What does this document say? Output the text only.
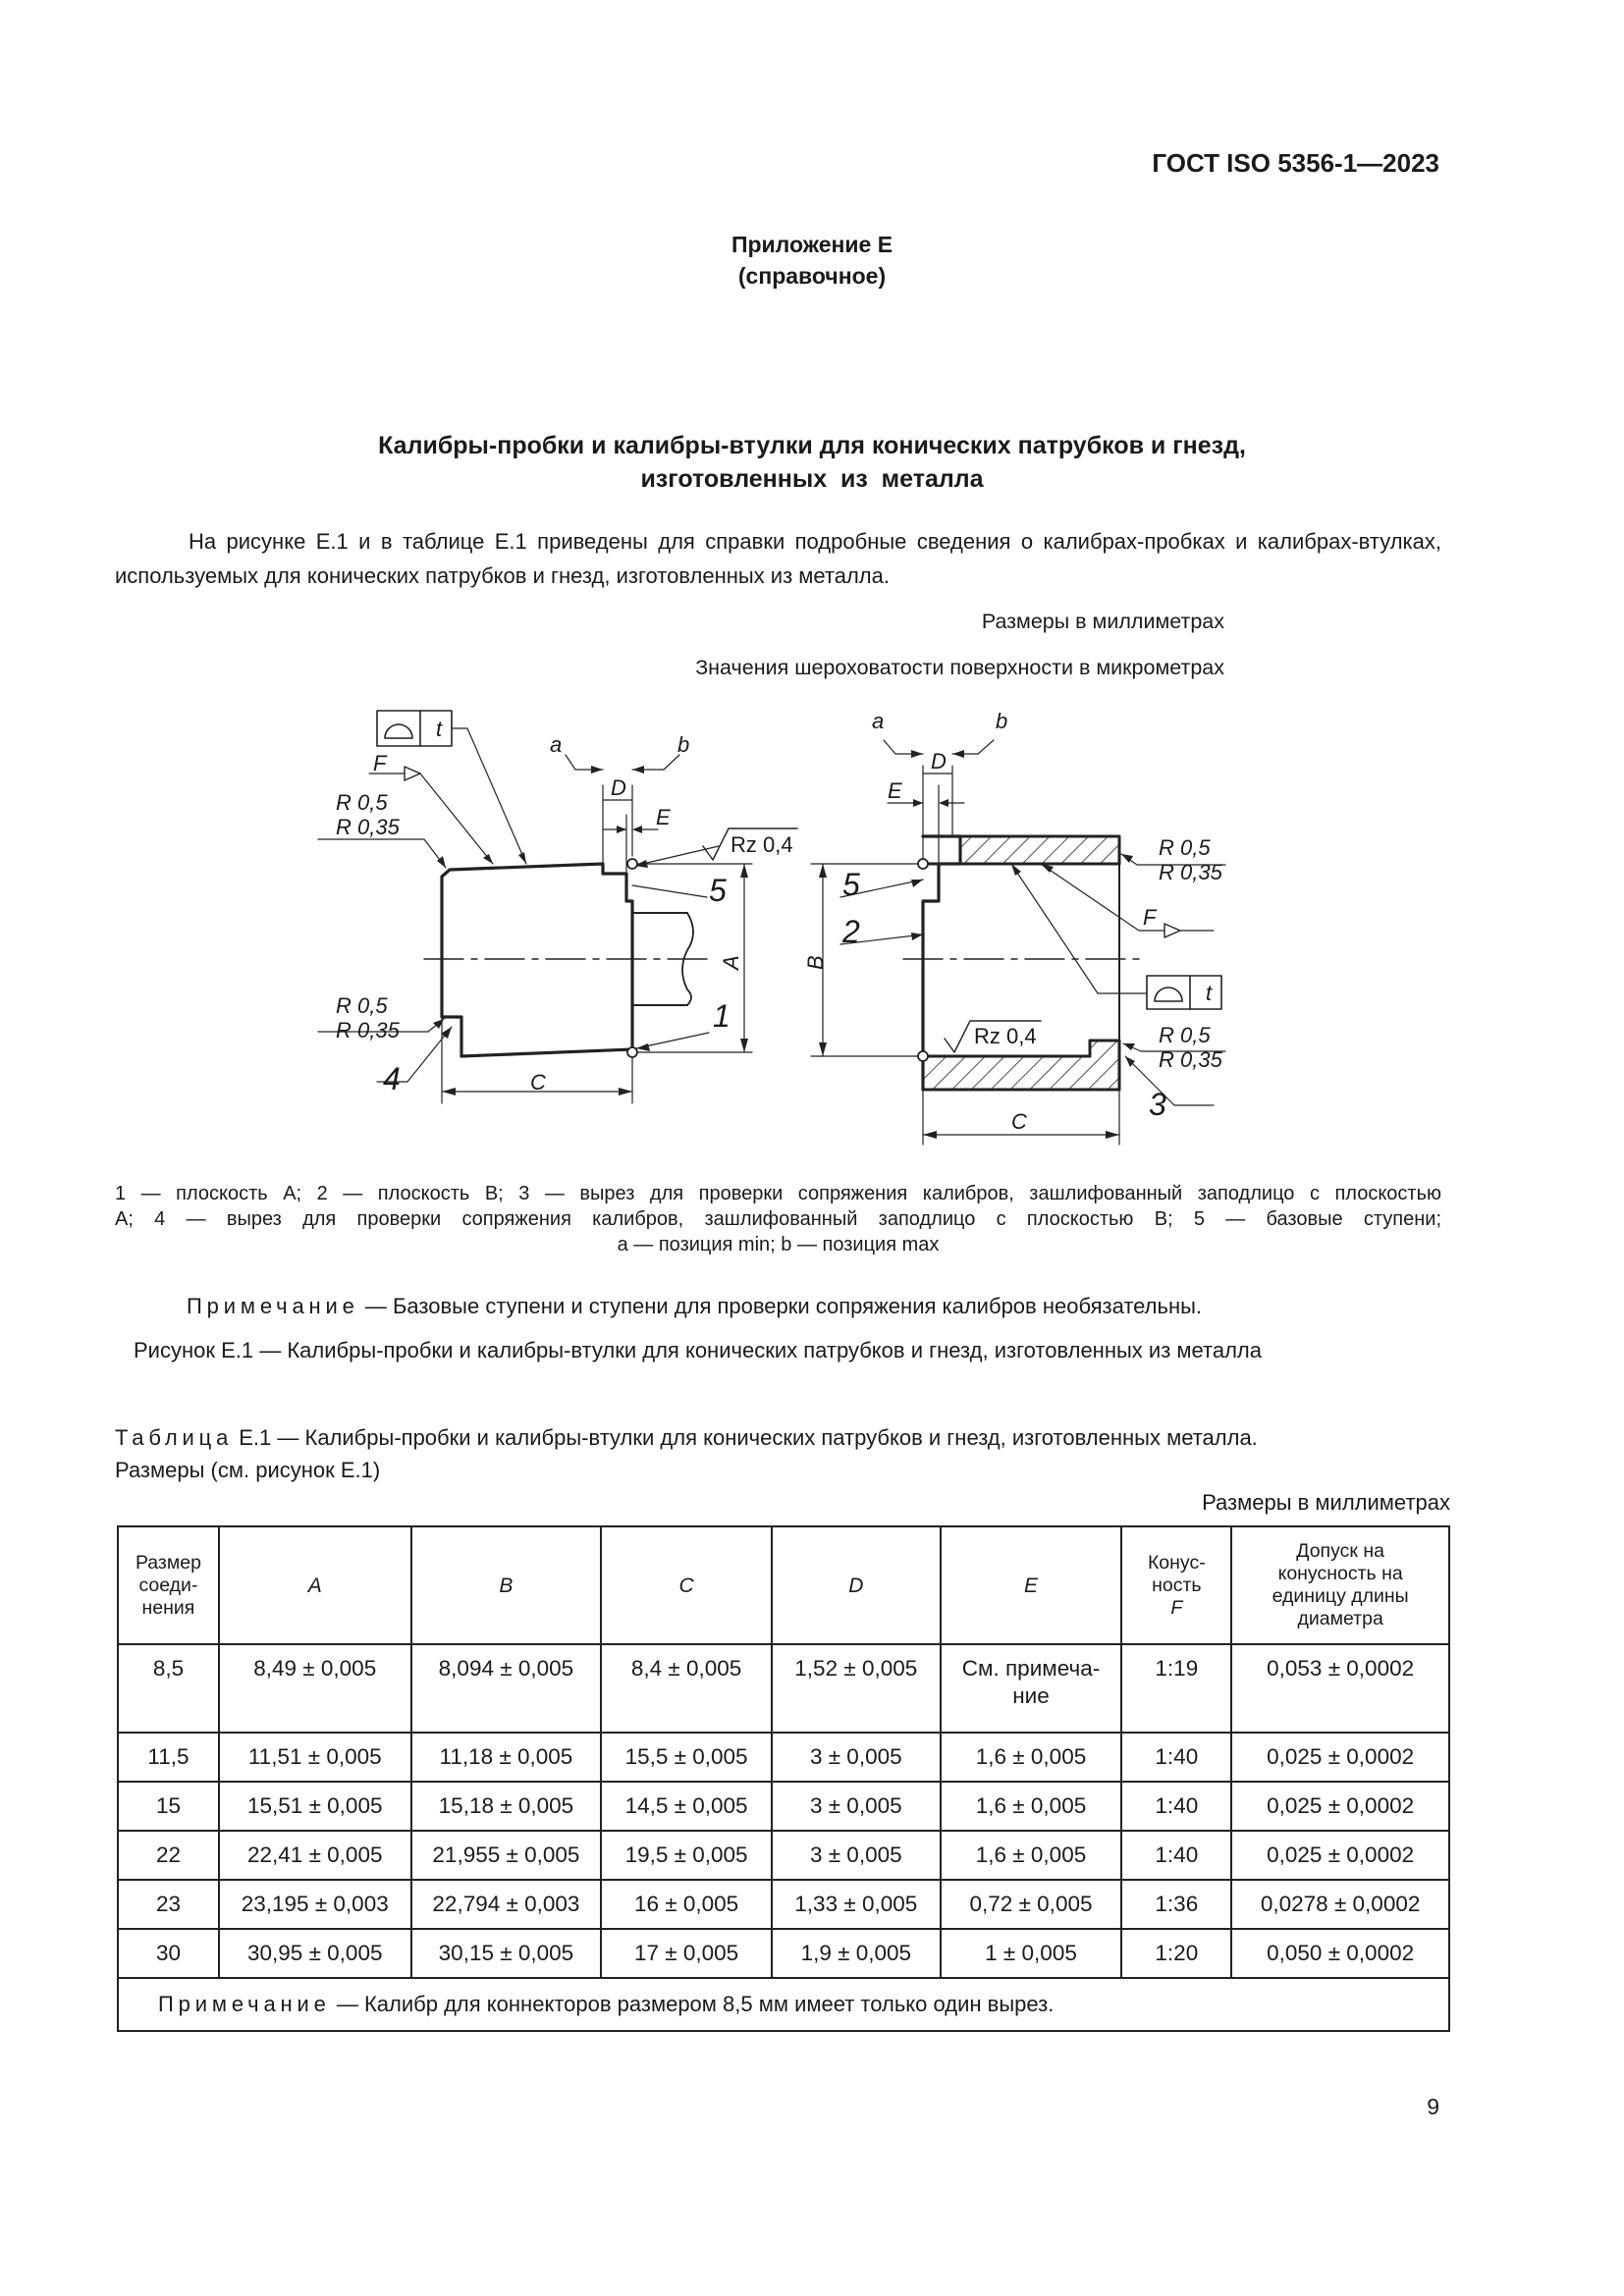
ГОСТ ISO 5356-1—2023
Приложение Е
(справочное)
Калибры-пробки и калибры-втулки для конических патрубков и гнезд,
изготовленных  из  металла
На рисунке Е.1 и в таблице Е.1 приведены для справки подробные сведения о калибрах-пробках и калибрах-втулках, используемых для конических патрубков и гнезд, изготовленных из металла.
Размеры в миллиметрах
Значения шероховатости поверхности в микрометрах
t
F
R 0,5
R 0,35
a	b
D
E
Rz 0,4
5
A
1
R 0,5
R 0,35
4	C
a	b
D
E
5
2
B
R 0,5
R 0,35
F
t
Rz 0,4	R 0,5
R 0,35
3
C
1 — плоскость А; 2 — плоскость В; 3 — вырез для проверки сопряжения калибров, зашлифованный заподлицо с плоскостью
А; 4 — вырез для проверки сопряжения калибров, зашлифованный заподлицо с плоскостью В; 5 — базовые ступени;
a — позиция min; b — позиция max
Примечание — Базовые ступени и ступени для проверки сопряжения калибров необязательны.
Рисунок Е.1 — Калибры-пробки и калибры-втулки для конических патрубков и гнезд, изготовленных из металла
Таблица Е.1 — Калибры-пробки и калибры-втулки для конических патрубков и гнезд, изготовленных металла.
Размеры (см. рисунок Е.1)
Размеры в миллиметрах
Размер
соеди-
нения	A	B	C	D	E	Конус-
ность
F	Допуск на
конусность на
единицу длины
диаметра
8,5	8,49 ± 0,005	8,094 ± 0,005	8,4 ± 0,005	1,52 ± 0,005	См. примеча-
ние	1:19	0,053 ± 0,0002
11,5	11,51 ± 0,005	11,18 ± 0,005	15,5 ± 0,005	3 ± 0,005	1,6 ± 0,005	1:40	0,025 ± 0,0002
15	15,51 ± 0,005	15,18 ± 0,005	14,5 ± 0,005	3 ± 0,005	1,6 ± 0,005	1:40	0,025 ± 0,0002
22	22,41 ± 0,005	21,955 ± 0,005	19,5 ± 0,005	3 ± 0,005	1,6 ± 0,005	1:40	0,025 ± 0,0002
23	23,195 ± 0,003	22,794 ± 0,003	16 ± 0,005	1,33 ± 0,005	0,72 ± 0,005	1:36	0,0278 ± 0,0002
30	30,95 ± 0,005	30,15 ± 0,005	17 ± 0,005	1,9 ± 0,005	1 ± 0,005	1:20	0,050 ± 0,0002
Примечание — Калибр для коннекторов размером 8,5 мм имеет только один вырез.							
9
